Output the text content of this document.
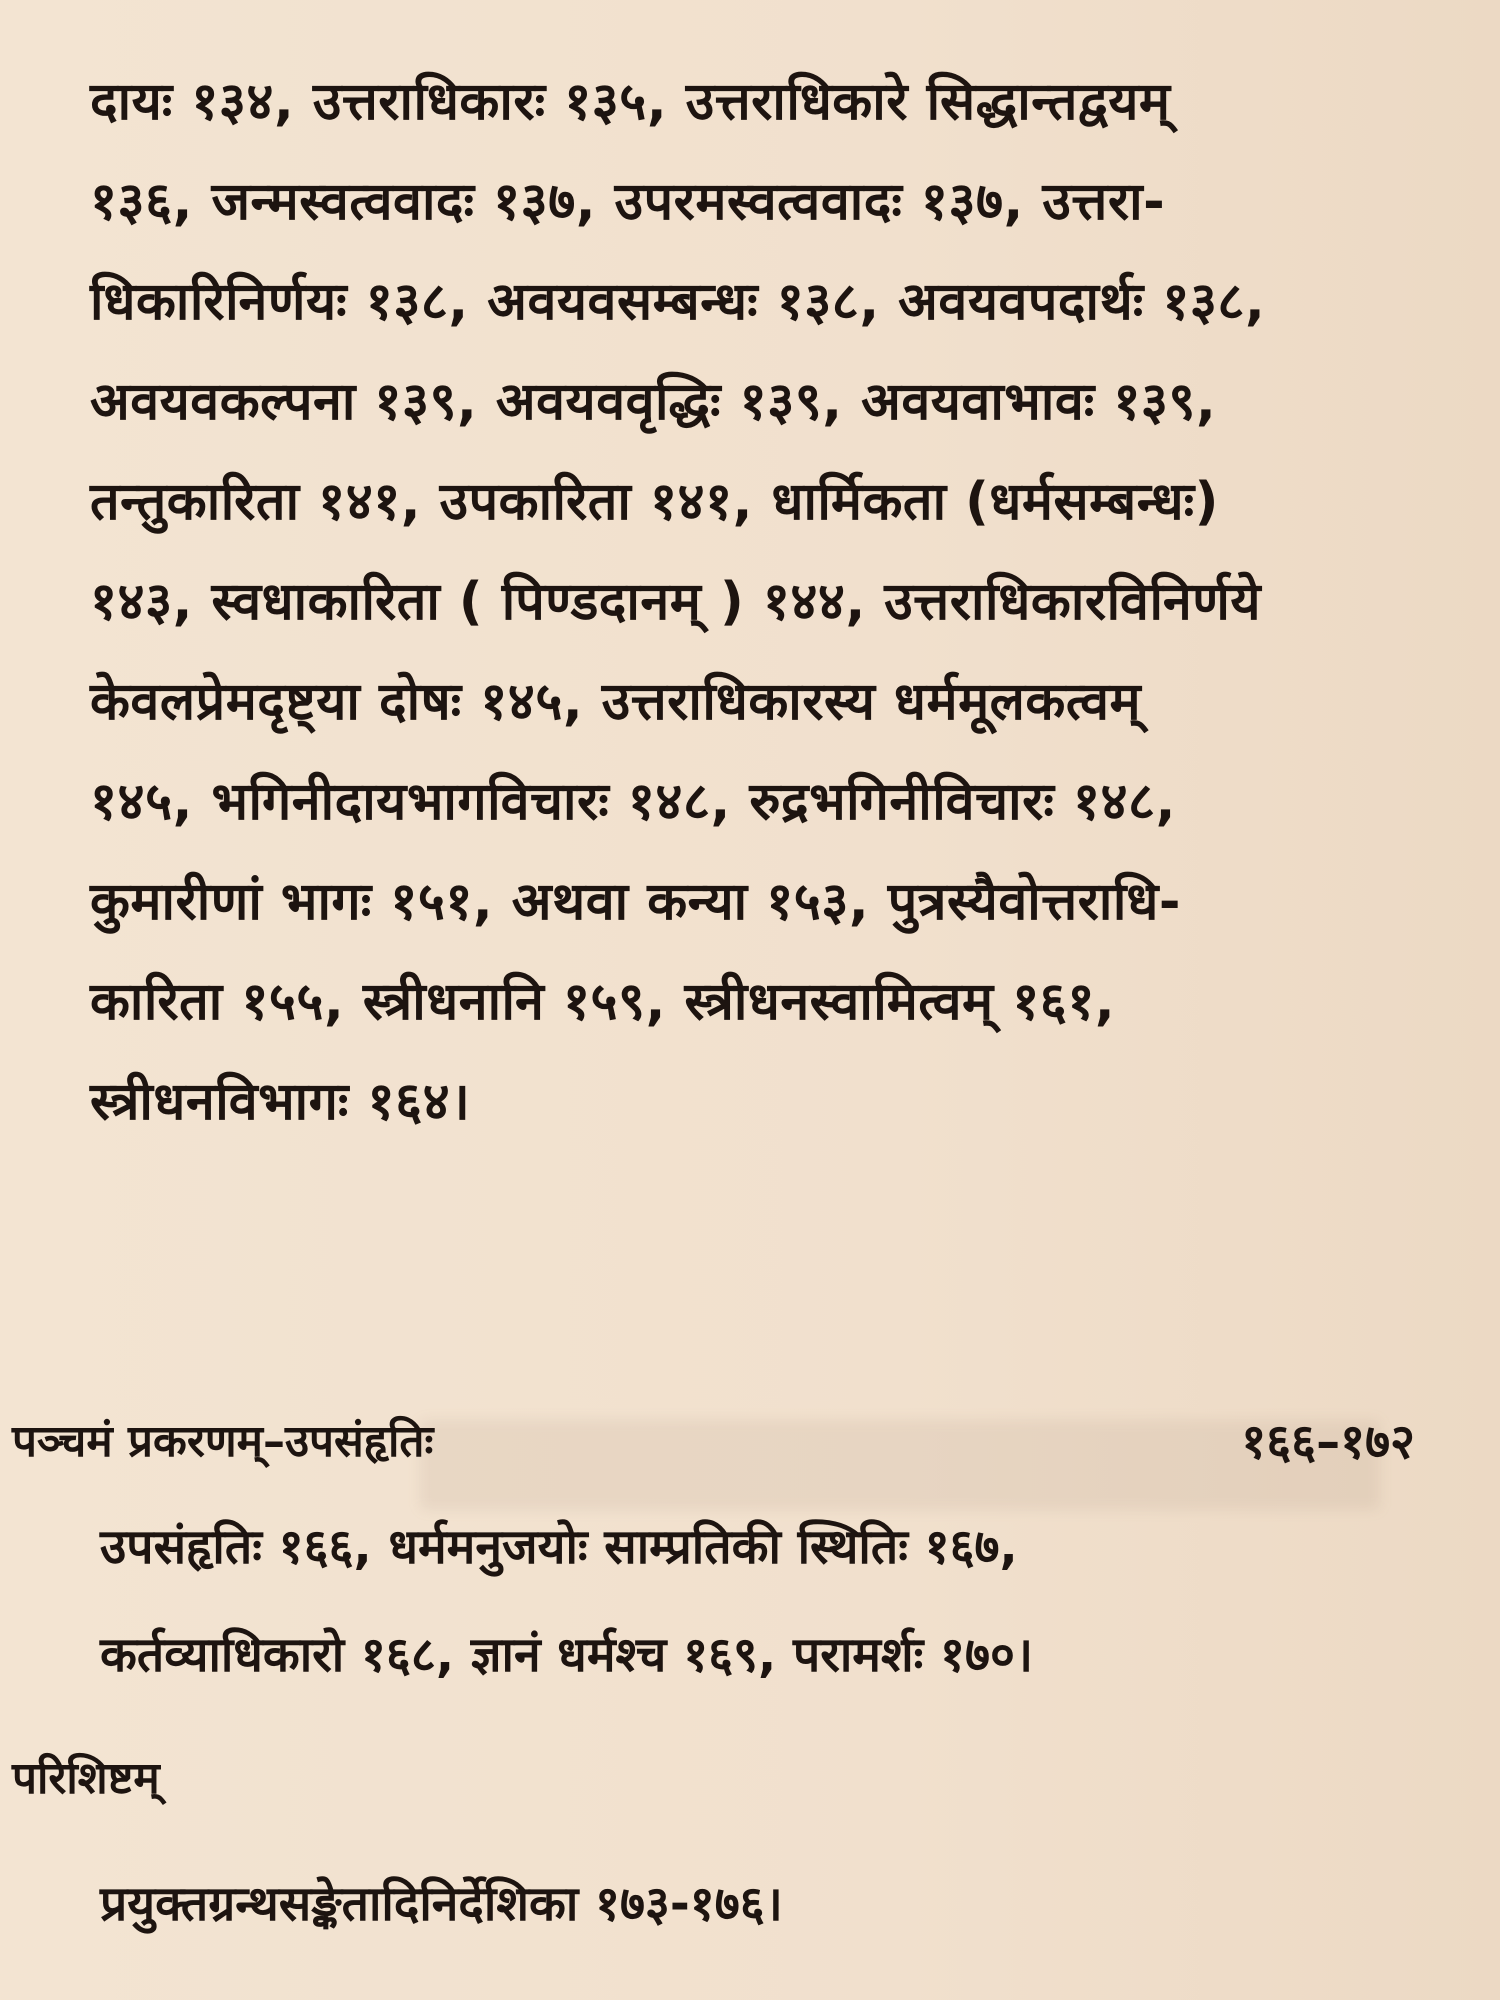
दायः १३४, उत्तराधिकारः १३५, उत्तराधिकारे सिद्धान्तद्वयम्
१३६, जन्मस्वत्ववादः १३७, उपरमस्वत्ववादः १३७, उत्तरा-
धिकारिनिर्णयः १३८, अवयवसम्बन्धः १३८, अवयवपदार्थः १३८,
अवयवकल्पना १३९, अवयववृद्धिः १३९, अवयवाभावः १३९,
तन्तुकारिता १४१, उपकारिता १४१, धार्मिकता (धर्मसम्बन्धः)
१४३, स्वधाकारिता ( पिण्डदानम् ) १४४, उत्तराधिकारविनिर्णये
केवलप्रेमदृष्ट्या दोषः १४५, उत्तराधिकारस्य धर्ममूलकत्वम्
१४५, भगिनीदायभागविचारः १४८, रुद्रभगिनीविचारः १४८,
कुमारीणां भागः १५१, अथवा कन्या १५३, पुत्रस्यैवोत्तराधि-
कारिता १५५, स्त्रीधनानि १५९, स्त्रीधनस्वामित्वम् १६१,
स्त्रीधनविभागः १६४।
पञ्चमं प्रकरणम्–उपसंहृतिः	१६६–१७२
उपसंहृतिः १६६, धर्ममनुजयोः साम्प्रतिकी स्थितिः १६७,
कर्तव्याधिकारो १६८, ज्ञानं धर्मश्च १६९, परामर्शः १७०।
परिशिष्टम्
प्रयुक्तग्रन्थसङ्केतादिनिर्देशिका १७३-१७६।
